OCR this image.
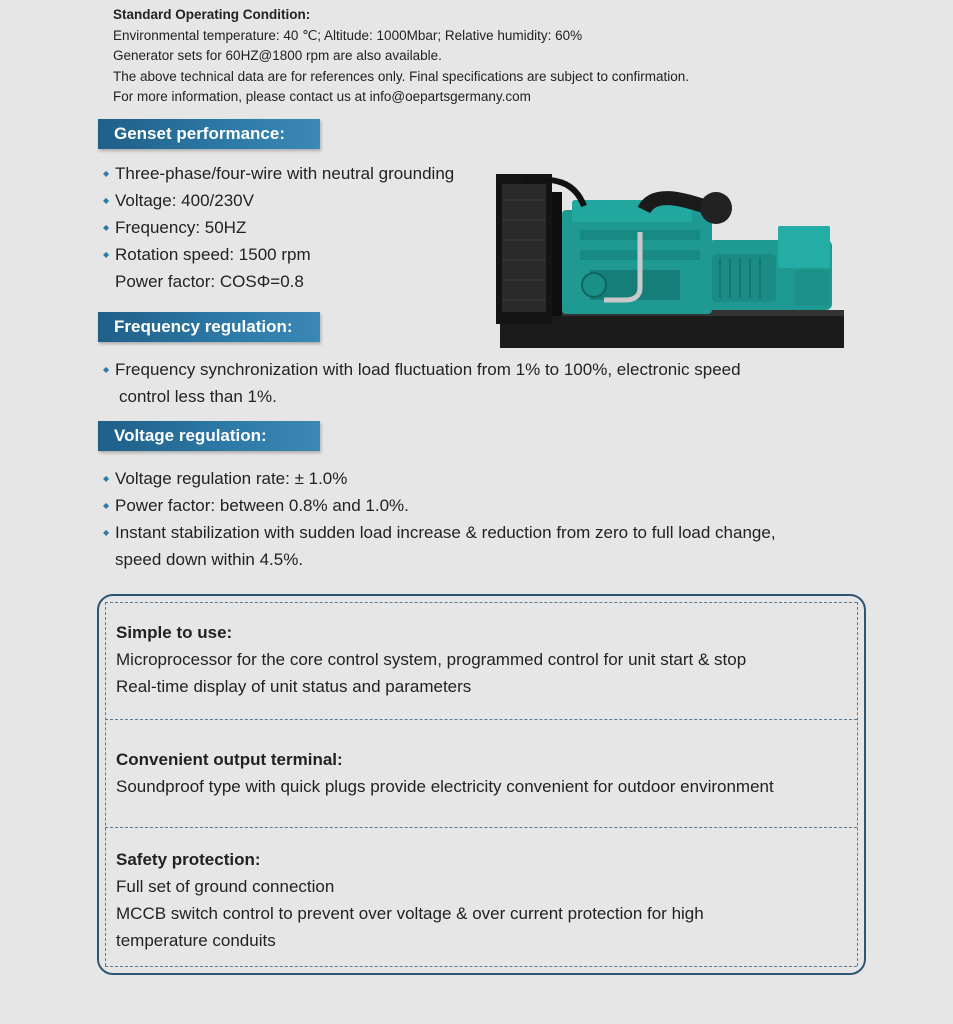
Standard Operating Condition:
Environmental temperature: 40 ℃; Altitude: 1000Mbar; Relative humidity: 60%
Generator sets for 60HZ@1800 rpm are also available.
The above technical data are for references only. Final specifications are subject to confirmation.
For more information, please contact us at info@oepartsgermany.com
Genset performance:
◆ Three-phase/four-wire with neutral grounding
◆ Voltage: 400/230V
◆ Frequency: 50HZ
◆ Rotation speed: 1500 rpm
Power factor: COSΦ=0.8
Frequency regulation:
◆ Frequency synchronization with load fluctuation from 1% to 100%, electronic speed
control less than 1%.
Voltage regulation:
◆ Voltage regulation rate: ± 1.0%
◆ Power factor: between 0.8% and 1.0%.
◆ Instant stabilization with sudden load increase & reduction from zero to full load change,
speed down within 4.5%.
Simple to use:
Microprocessor for the core control system, programmed control for unit start & stop
Real-time display of unit status and parameters
Convenient output terminal:
Soundproof type with quick plugs provide electricity convenient for outdoor environment
Safety protection:
Full set of ground connection
MCCB switch control to prevent over voltage & over current protection for high
temperature conduits
